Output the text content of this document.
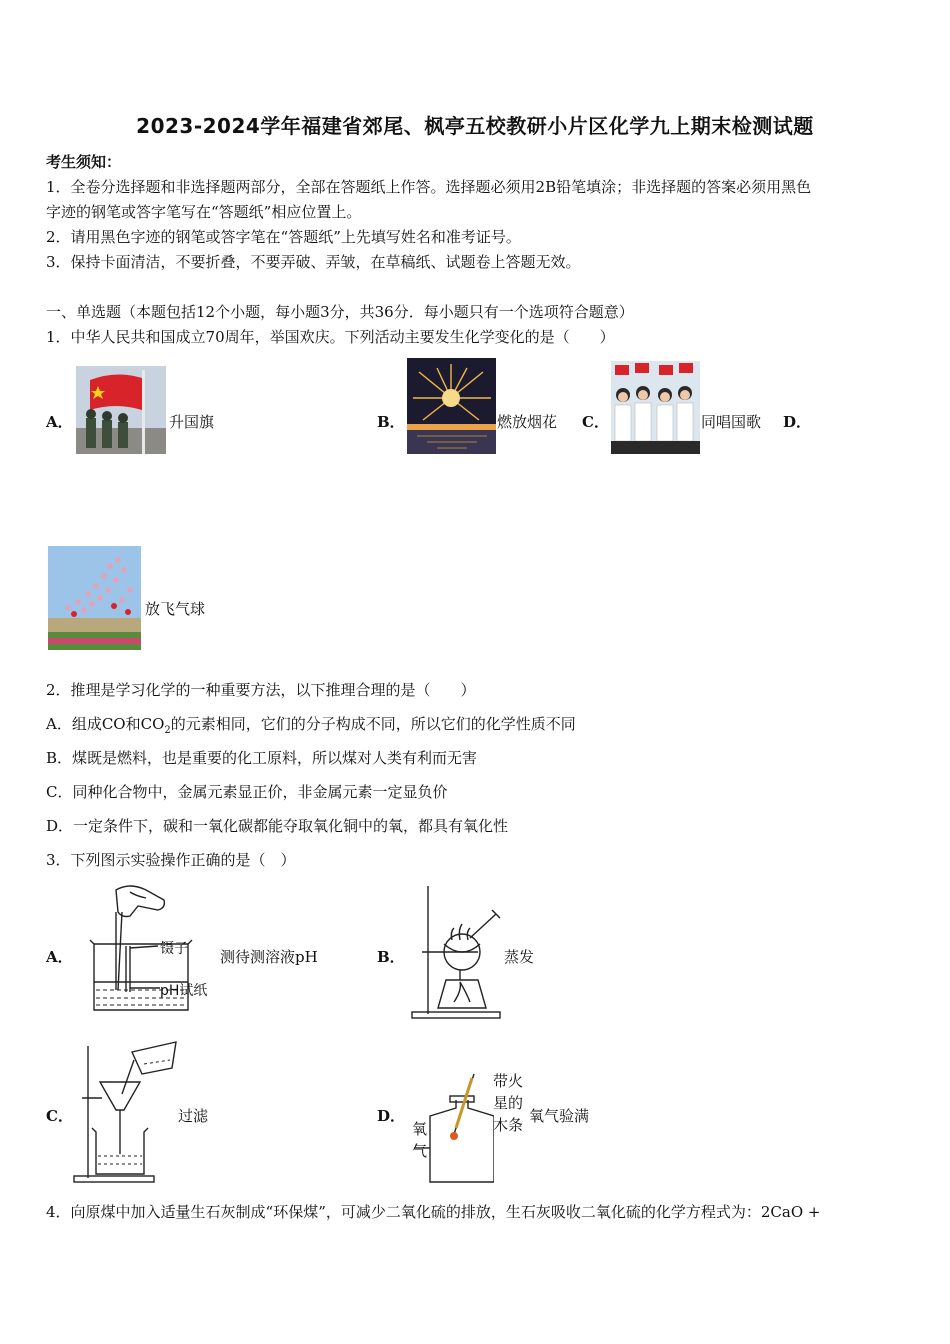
2023-2024学年福建省郊尾、枫亭五校教研小片区化学九上期末检测试题
考生须知：
1．全卷分选择题和非选择题两部分，全部在答题纸上作答。选择题必须用2B铅笔填涂；非选择题的答案必须用黑色
字迹的钢笔或答字笔写在“答题纸”相应位置上。
2．请用黑色字迹的钢笔或答字笔在“答题纸”上先填写姓名和准考证号。
3．保持卡面清洁，不要折叠，不要弄破、弄皱，在草稿纸、试题卷上答题无效。
一、单选题（本题包括12个小题，每小题3分，共36分．每小题只有一个选项符合题意）
1．中华人民共和国成立70周年，举国欢庆。下列活动主要发生化学变化的是（　　）
A．	升国旗	B．	燃放烟花 C．	同唱国歌 D．
放飞气球
2．推理是学习化学的一种重要方法，以下推理合理的是（　　）
A．组成CO和$CO_2$的元素相同，它们的分子构成不同，所以它们的化学性质不同
B．煤既是燃料，也是重要的化工原料，所以煤对人类有利而无害
C．同种化合物中，金属元素显正价，非金属元素一定显负价
D．一定条件下，碳和一氧化碳都能夺取氧化铜中的氧，都具有氧化性
3．下列图示实验操作正确的是（　）
A．	镊子
pH试纸
测待测溶液pH	B．	蒸发
C．	过滤	D．
带火
星的
木条
氧
气
氧气验满
4．向原煤中加入适量生石灰制成“环保煤”，可减少二氧化硫的排放，生石灰吸收二氧化硫的化学方程式为：2CaO +
